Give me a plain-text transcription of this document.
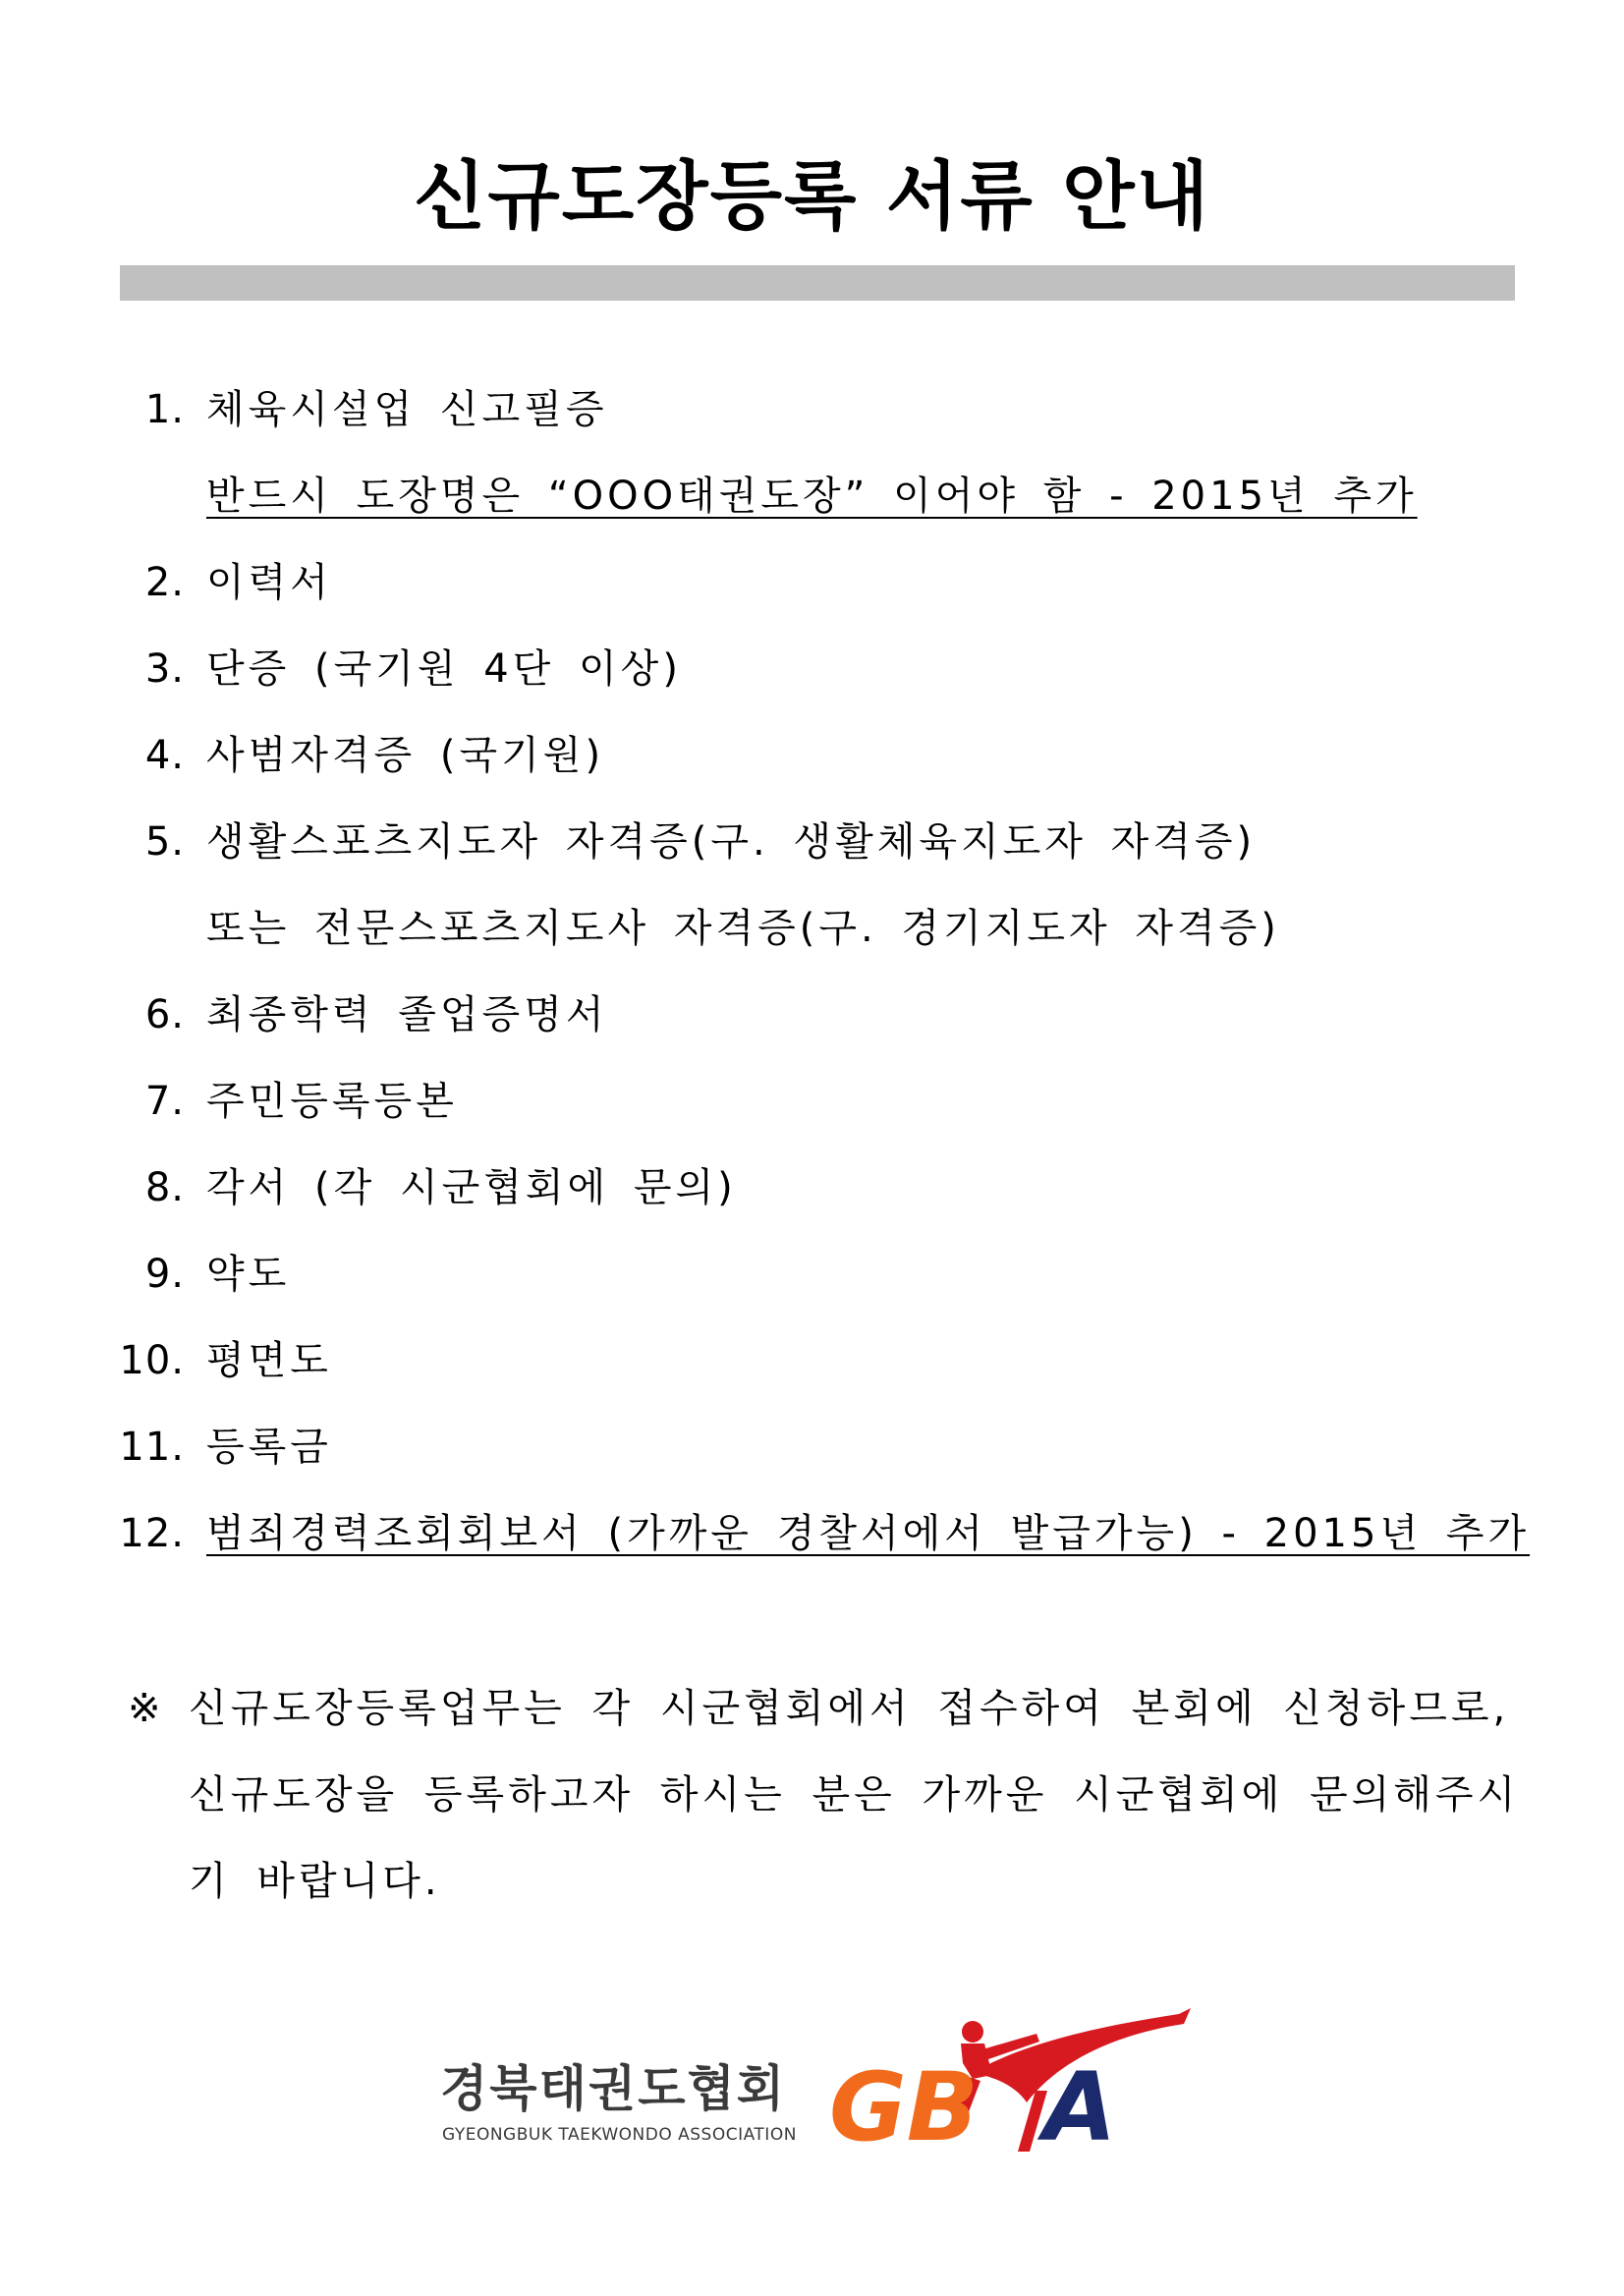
신규도장등록 서류 안내
1. 체육시설업 신고필증
반드시 도장명은 “OOO태권도장” 이어야 함 - 2015년 추가
2. 이력서
3. 단증 (국기원 4단 이상)
4. 사범자격증 (국기원)
5. 생활스포츠지도자 자격증(구. 생활체육지도자 자격증)
또는 전문스포츠지도사 자격증(구. 경기지도자 자격증)
6. 최종학력 졸업증명서
7. 주민등록등본
8. 각서 (각 시군협회에 문의)
9. 약도
10. 평면도
11. 등록금
12. 범죄경력조회회보서 (가까운 경찰서에서 발급가능) - 2015년 추가
※ 신규도장등록업무는 각 시군협회에서 접수하여 본회에 신청하므로,
신규도장을 등록하고자 하시는 분은 가까운 시군협회에 문의해주시
기 바랍니다.
경북태권도협회
GYEONGBUK TAEKWONDO ASSOCIATION GB A
